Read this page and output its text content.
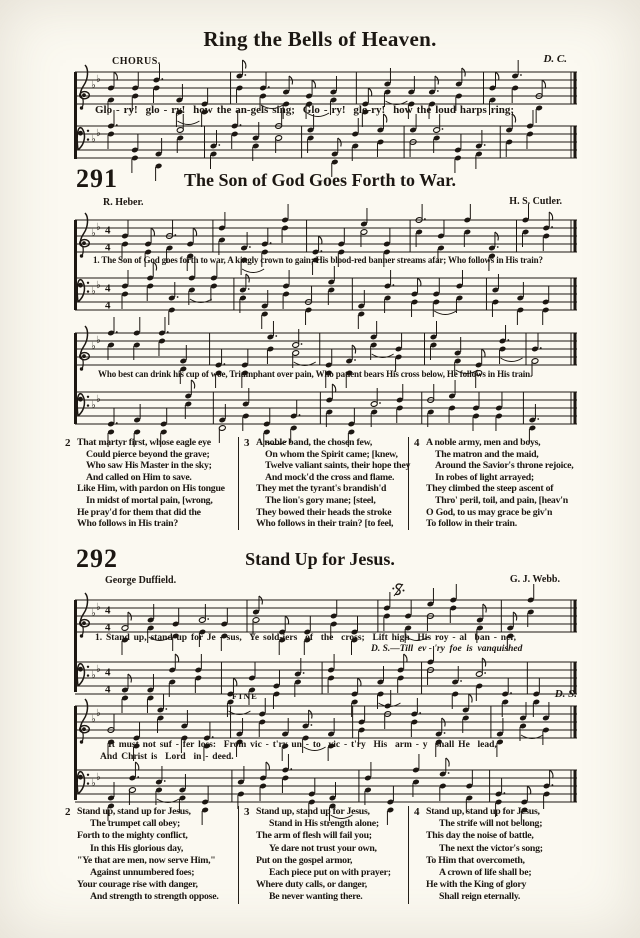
Ring the Bells of Heaven.
CHORUS.	D. C.
♭
♭
Glo - ry!  glo - ry!  how the an-gels sing;  Glo - ry!  glo-ry!  how the loud harps ring;
♭
♭
291	The Son of God Goes Forth to War.
R. Heber.	H. S. Cutler.
♭
♭ 4
4
1. The Son of God goes forth to war, A kingly crown to gain; His blood-red banner streams afar; Who follows in His train?
♭
♭ 4
4
♭
♭
Who best can drink his cup of woe, Triumphant over pain, Who patient bears His cross below, He follows in His train.
♭
♭
2 That martyr first, whose eagle eye
Could pierce beyond the grave;
Who saw His Master in the sky;
And called on Him to save.
Like Him, with pardon on His tongue
In midst of mortal pain, [wrong,
He pray'd for them that did the
Who follows in His train?
3 A noble band, the chosen few,
On whom the Spirit came; [knew,
Twelve valiant saints, their hope they
And mock'd the cross and flame.
They met the tyrant's brandish'd
The lion's gory mane; [steel,
They bowed their heads the stroke
Who follows in their train? [to feel,
4 A noble army, men and boys,
The matron and the maid,
Around the Savior's throne rejoice,
In robes of light arrayed;
They climbed the steep ascent of
Thro' peril, toil, and pain, [heav'n
O God, to us may grace be giv'n
To follow in their train.
292	Stand Up for Jesus.
George Duffield.	G. J. Webb.
♭
♭ 4
4
1. Stand up, stand up for Je - sus,  Ye sold-iers  of  the  cross;  Lift high  His roy - al  ban - ner,
D. S.—Till  ev - 'ry  foe  is  vanquished
♭
♭ 4
4
FINE	D. S.
♭
♭
It must not suf - fer loss:  From vic - t'ry un - to  vic - t'ry  His  arm - y  shall He  lead,
And Christ is  Lord  in - deed.
♭
♭
2 Stand up, stand up for Jesus,
The trumpet call obey;
Forth to the mighty conflict,
In this His glorious day,
"Ye that are men, now serve Him,"
Against unnumbered foes;
Your courage rise with danger,
And strength to strength oppose.
3 Stand up, stand up for Jesus,
Stand in His strength alone;
The arm of flesh will fail you;
Ye dare not trust your own,
Put on the gospel armor,
Each piece put on with prayer;
Where duty calls, or danger,
Be never wanting there.
4 Stand up, stand up for Jesus,
The strife will not be long;
This day the noise of battle,
The next the victor's song;
To Him that overcometh,
A crown of life shall be;
He with the King of glory
Shall reign eternally.
